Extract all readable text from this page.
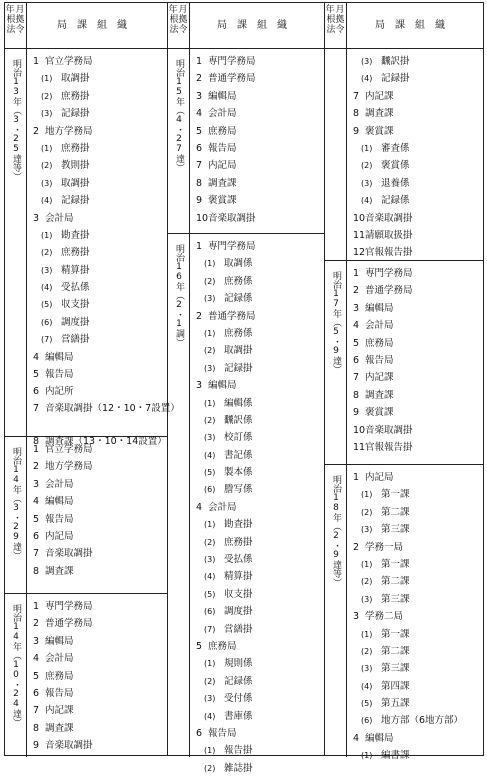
年月
根拠
法令	局課組織
明治13年（3・25達等） 1 官立学務局
(1) 取調掛
(2) 庶務掛
(3) 記録掛
2 地方学務局
(1) 庶務掛
(2) 教則掛
(3) 取調掛
(4) 記録掛
3 会計局
(1) 勘査掛
(2) 庶務掛
(3) 精算掛
(4) 受払係
(5) 収支掛
(6) 調度掛
(7) 営繕掛
4 編輯局
5 報告局
6 内記所
7 音楽取調掛（12・10・7設置）
8 調査課（13・10・14設置）
明治14年（3・29達） 1 官立学務局
2 地方学務局
3 会計局
4 編輯局
5 報告局
6 内記局
7 音楽取調掛
8 調査課
明治14年（10・24達） 1 専門学務局
2 普通学務局
3 編輯局
4 会計局
5 庶務局
6 報告局
7 内記課
8 調査課
9 音楽取調掛
年月
根拠
法令	局課組織
明治15年（4・27達） 1 専門学務局
2 普通学務局
3 編輯局
4 会計局
5 庶務局
6 報告局
7 内記局
8 調査課
9 褒賞課
10 音楽取調掛
明治16年（2・1調） 1 専門学務局
(1) 取調係
(2) 庶務係
(3) 記録係
2 普通学務局
(1) 庶務係
(2) 取調掛
(3) 記録掛
3 編輯局
(1) 編輯係
(2) 飜訳係
(3) 校訂係
(4) 書記係
(5) 製本係
(6) 謄写係
4 会計局
(1) 勘査掛
(2) 庶務掛
(3) 受払係
(4) 精算掛
(5) 収支掛
(6) 調度掛
(7) 営繕掛
5 庶務局
(1) 規則係
(2) 記録係
(3) 受付係
(4) 書庫係
6 報告局
(1) 報告掛
(2) 雑誌掛
年月
根拠
法令	局課組織
(3) 飜訳掛
(4) 記録掛
7 内記課
8 調査課
9 褒賞課
(1) 審査係
(2) 褒賞係
(3) 退養係
(4) 記録係
10 音楽取調掛
11 請願取扱掛
12 官報報告掛
明治17年（5・9達） 1 専門学務局
2 普通学務局
3 編輯局
4 会計局
5 庶務局
6 報告局
7 内記課
8 調査課
9 褒賞課
10 音楽取調掛
11 官報報告掛
明治18年（2・9達等） 1 内記局
(1) 第一課
(2) 第二課
(3) 第三課
2 学務一局
(1) 第一課
(2) 第二課
(3) 第三課
3 学務二局
(1) 第一課
(2) 第二課
(3) 第三課
(4) 第四課
(5) 第五課
(6) 地方部（6地方部）
4 編輯局
(1) 編書課
